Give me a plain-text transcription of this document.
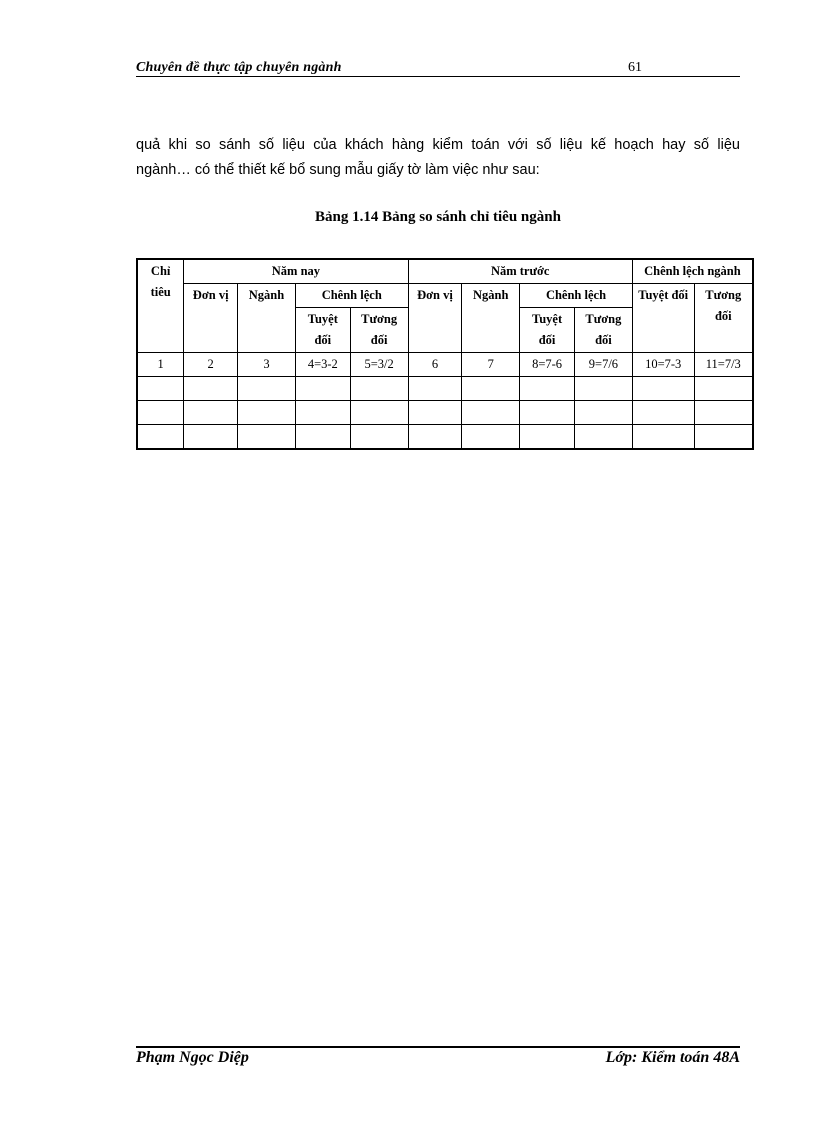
Chuyên đề thực tập chuyên ngành	61
quả khi so sánh số liệu của khách hàng kiểm toán với số liệu kế hoạch hay số liệu
ngành… có thể thiết kế bổ sung mẫu giấy tờ làm việc như sau:
Bảng 1.14 Bảng so sánh chỉ tiêu ngành
Chỉ tiêu	Năm nay				Năm trước				Chênh lệch ngành	
	Đơn vị	Ngành	Chênh lệch		Đơn vị	Ngành	Chênh lệch		Tuyệt đối	Tương đối
			Tuyệt đối	Tương đối			Tuyệt đối	Tương đối		
1	2	3	4=3-2	5=3/2	6	7	8=7-6	9=7/6	10=7-3	11=7/3

Phạm Ngọc Diệp	Lớp: Kiểm toán 48A
